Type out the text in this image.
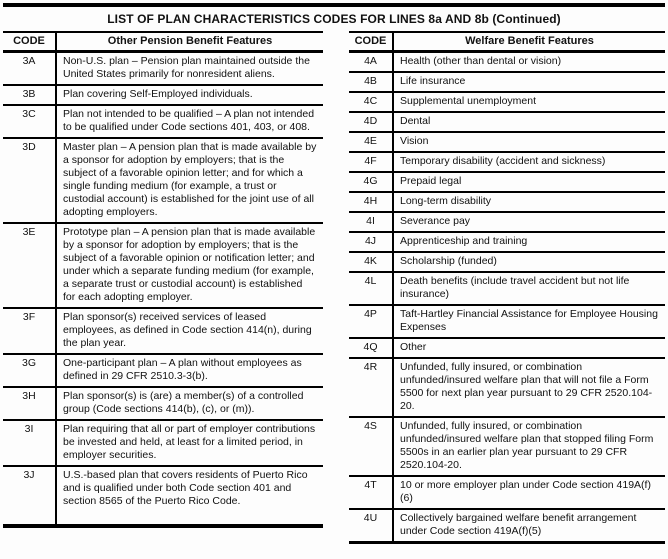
LIST OF PLAN CHARACTERISTICS CODES FOR LINES 8a AND 8b (Continued)
CODE	Other Pension Benefit Features
3A	Non-U.S. plan – Pension plan maintained outside the United States primarily for nonresident aliens.
3B	Plan covering Self-Employed individuals.
3C	Plan not intended to be qualified – A plan not intended to be qualified under Code sections 401, 403, or 408.
3D	Master plan – A pension plan that is made available by a sponsor for adoption by employers; that is the subject of a favorable opinion letter; and for which a single funding medium (for example, a trust or custodial account) is established for the joint use of all adopting employers.
3E	Prototype plan – A pension plan that is made available by a sponsor for adoption by employers; that is the subject of a favorable opinion or notification letter; and under which a separate funding medium (for example, a separate trust or custodial account) is established for each adopting employer.
3F	Plan sponsor(s) received services of leased employees, as defined in Code section 414(n), during the plan year.
3G	One-participant plan – A plan without employees as defined in 29 CFR 2510.3-3(b).
3H	Plan sponsor(s) is (are) a member(s) of a controlled group (Code sections 414(b), (c), or (m)).
3I	Plan requiring that all or part of employer contributions be invested and held, at least for a limited period, in employer securities.
3J	U.S.-based plan that covers residents of Puerto Rico and is qualified under both Code section 401 and section 8565 of the Puerto Rico Code.
CODE	Welfare Benefit Features
4A	Health (other than dental or vision)
4B	Life insurance
4C	Supplemental unemployment
4D	Dental
4E	Vision
4F	Temporary disability (accident and sickness)
4G	Prepaid legal
4H	Long-term disability
4I	Severance pay
4J	Apprenticeship and training
4K	Scholarship (funded)
4L	Death benefits (include travel accident but not life insurance)
4P	Taft-Hartley Financial Assistance for Employee Housing Expenses
4Q	Other
4R	Unfunded, fully insured, or combination unfunded/insured welfare plan that will not file a Form 5500 for next plan year pursuant to 29 CFR 2520.104-20.
4S	Unfunded, fully insured, or combination unfunded/insured welfare plan that stopped filing Form 5500s in an earlier plan year pursuant to 29 CFR 2520.104-20.
4T	10 or more employer plan under Code section 419A(f)(6)
4U	Collectively bargained welfare benefit arrangement under Code section 419A(f)(5)
